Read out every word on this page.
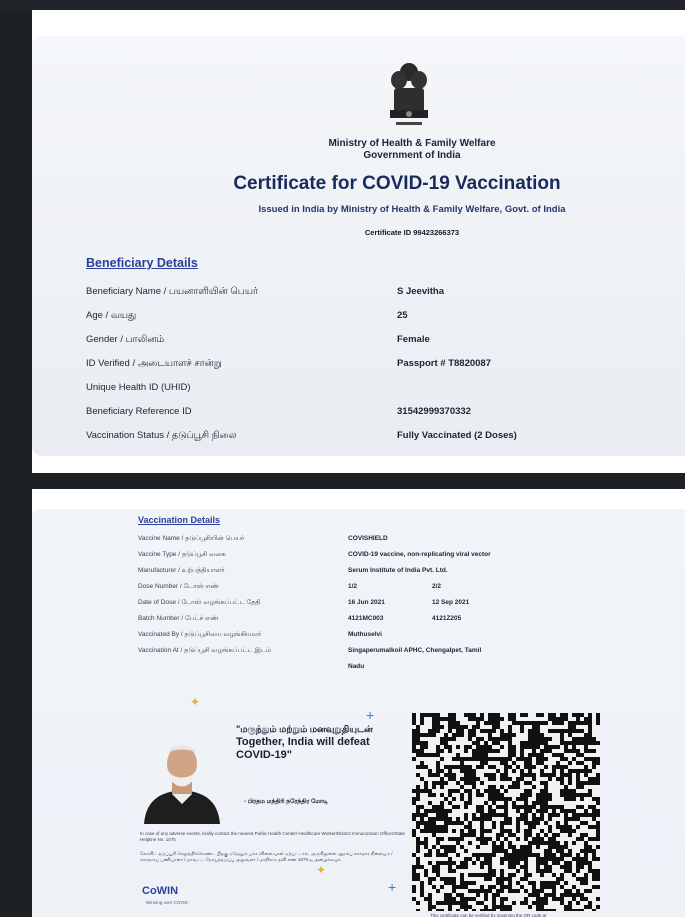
Ministry of Health & Family Welfare
Government of India
Certificate for COVID-19 Vaccination
Issued in India by Ministry of Health & Family Welfare, Govt. of India
Certificate ID 99423266373
Beneficiary Details
Beneficiary Name / பயனாளியின் பெயர்	S Jeevitha
Age / வயது	25
Gender / பாலினம்	Female
ID Verified / அடையாளச் சான்று	Passport # T8820087
Unique Health ID (UHID)
Beneficiary Reference ID	31542999370332
Vaccination Status / தடுப்பூசி நிலை	Fully Vaccinated (2 Doses)
Vaccination Details
Vaccine Name / தடுப்பூசியின் பெயர்	COVISHIELD
Vaccine Type / தடுப்பூசி வகை	COVID-19 vaccine, non-replicating viral vector
Manufacturer / உற்பத்தியாளர்	Serum Institute of India Pvt. Ltd.
Dose Number / டோஸ் எண்	1/2	2/2
Date of Dose / டோஸ் வழங்கப்பட்ட தேதி	16 Jun 2021	12 Sep 2021
Batch Number / பேட்ச் எண்	4121MC003	4121Z205
Vaccinated By / தடுப்பூசியை வழங்கியவர்	Muthuselvi
Vaccination At / தடுப்பூசி வழங்கப்பட்ட இடம்	Singaperumalkoil APHC, Chengalpet, Tamil
Nadu
✦
+
"மருந்தும் மற்றும் மனவுறுதியுடன்
Together, India will defeat COVID-19"
- பிரதம மந்திரி நரேந்திர மோடி
In case of any adverse events, kindly contact the nearest Public Health Center/ Healthcare Worker/District Immunization Officer/State Helpline No. 1075
கோவிட் தடுப்பூசி செலுத்திக்கொண்ட பிறகு ஏதேனும் பக்க விளைவுகள் ஏற்பட்டால், அருகிலுள்ள ஆரம்ப சுகாதார நிலையம் / சுகாதாரப் பணியாளர் / மாவட்ட நோய்த்தடுப்பு அலுவலர் / மாநில உதவி எண் 1075 ஐ அழைக்கவும்
✦
+
CoWIN
Winning over COVID
This certificate can be verified by scanning the QR code at
